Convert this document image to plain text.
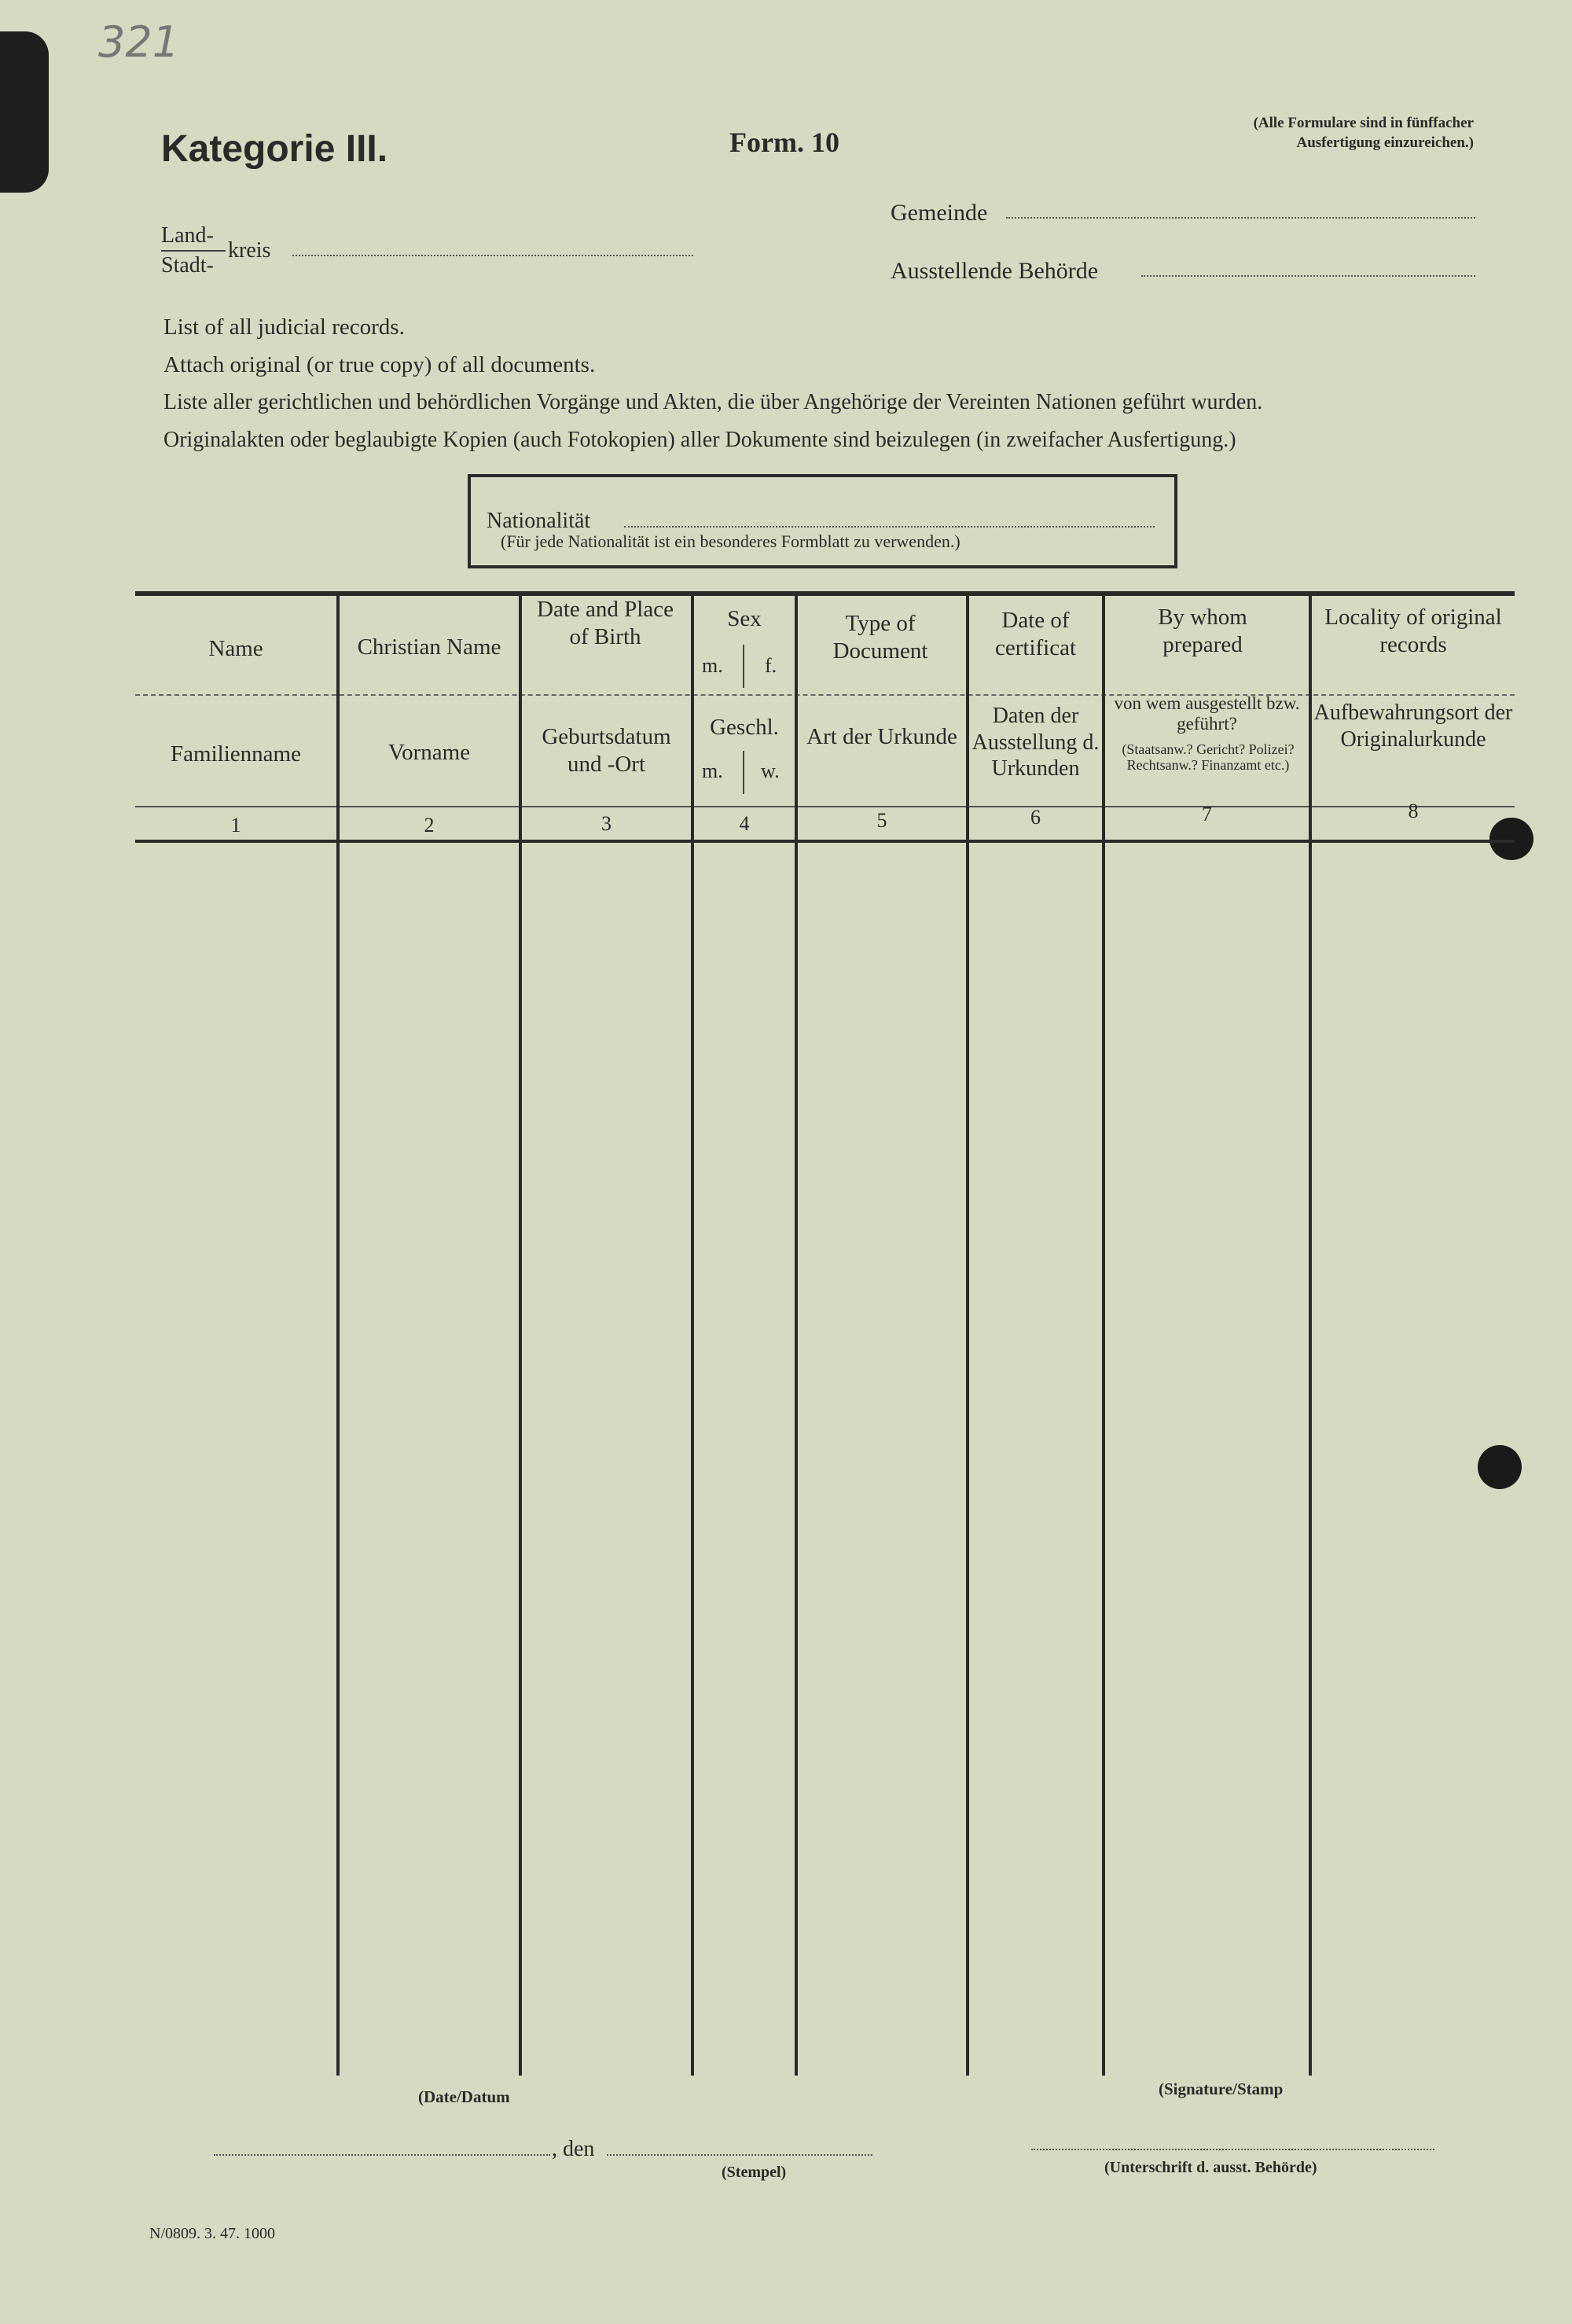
321
Kategorie III.	Form. 10
(Alle Formulare sind in fünffacher
Ausfertigung einzureichen.)
Land-
Stadt-
kreis
Gemeinde
Ausstellende Behörde
List of all judicial records.
Attach original (or true copy) of all documents.
Liste aller gerichtlichen und behördlichen Vorgänge und Akten, die über Angehörige der Vereinten Nationen geführt wurden.
Originalakten oder beglaubigte Kopien (auch Fotokopien) aller Dokumente sind beizulegen (in zweifacher Ausfertigung.)
Nationalität
(Für jede Nationalität ist ein besonderes Formblatt zu verwenden.)
Name
Familienname
1
Christian Name
Vorname
2
Date and Place of Birth
Geburtsdatum und -Ort
3
Sex
m. f.
Geschl.
m. w.
4
Type of Document
Art der Urkunde
5
Date of certificat
Daten der Ausstellung d. Urkunden
6
By whom prepared
von wem ausgestellt bzw. geführt?
(Staatsanw.? Gericht? Polizei? Rechtsanw.? Finanzamt etc.)
7
Locality of original records
Aufbewahrungsort der Originalurkunde
8
(Date/Datum
, den
(Stempel)
(Signature/Stamp
(Unterschrift d. ausst. Behörde)
N/0809. 3. 47. 1000
